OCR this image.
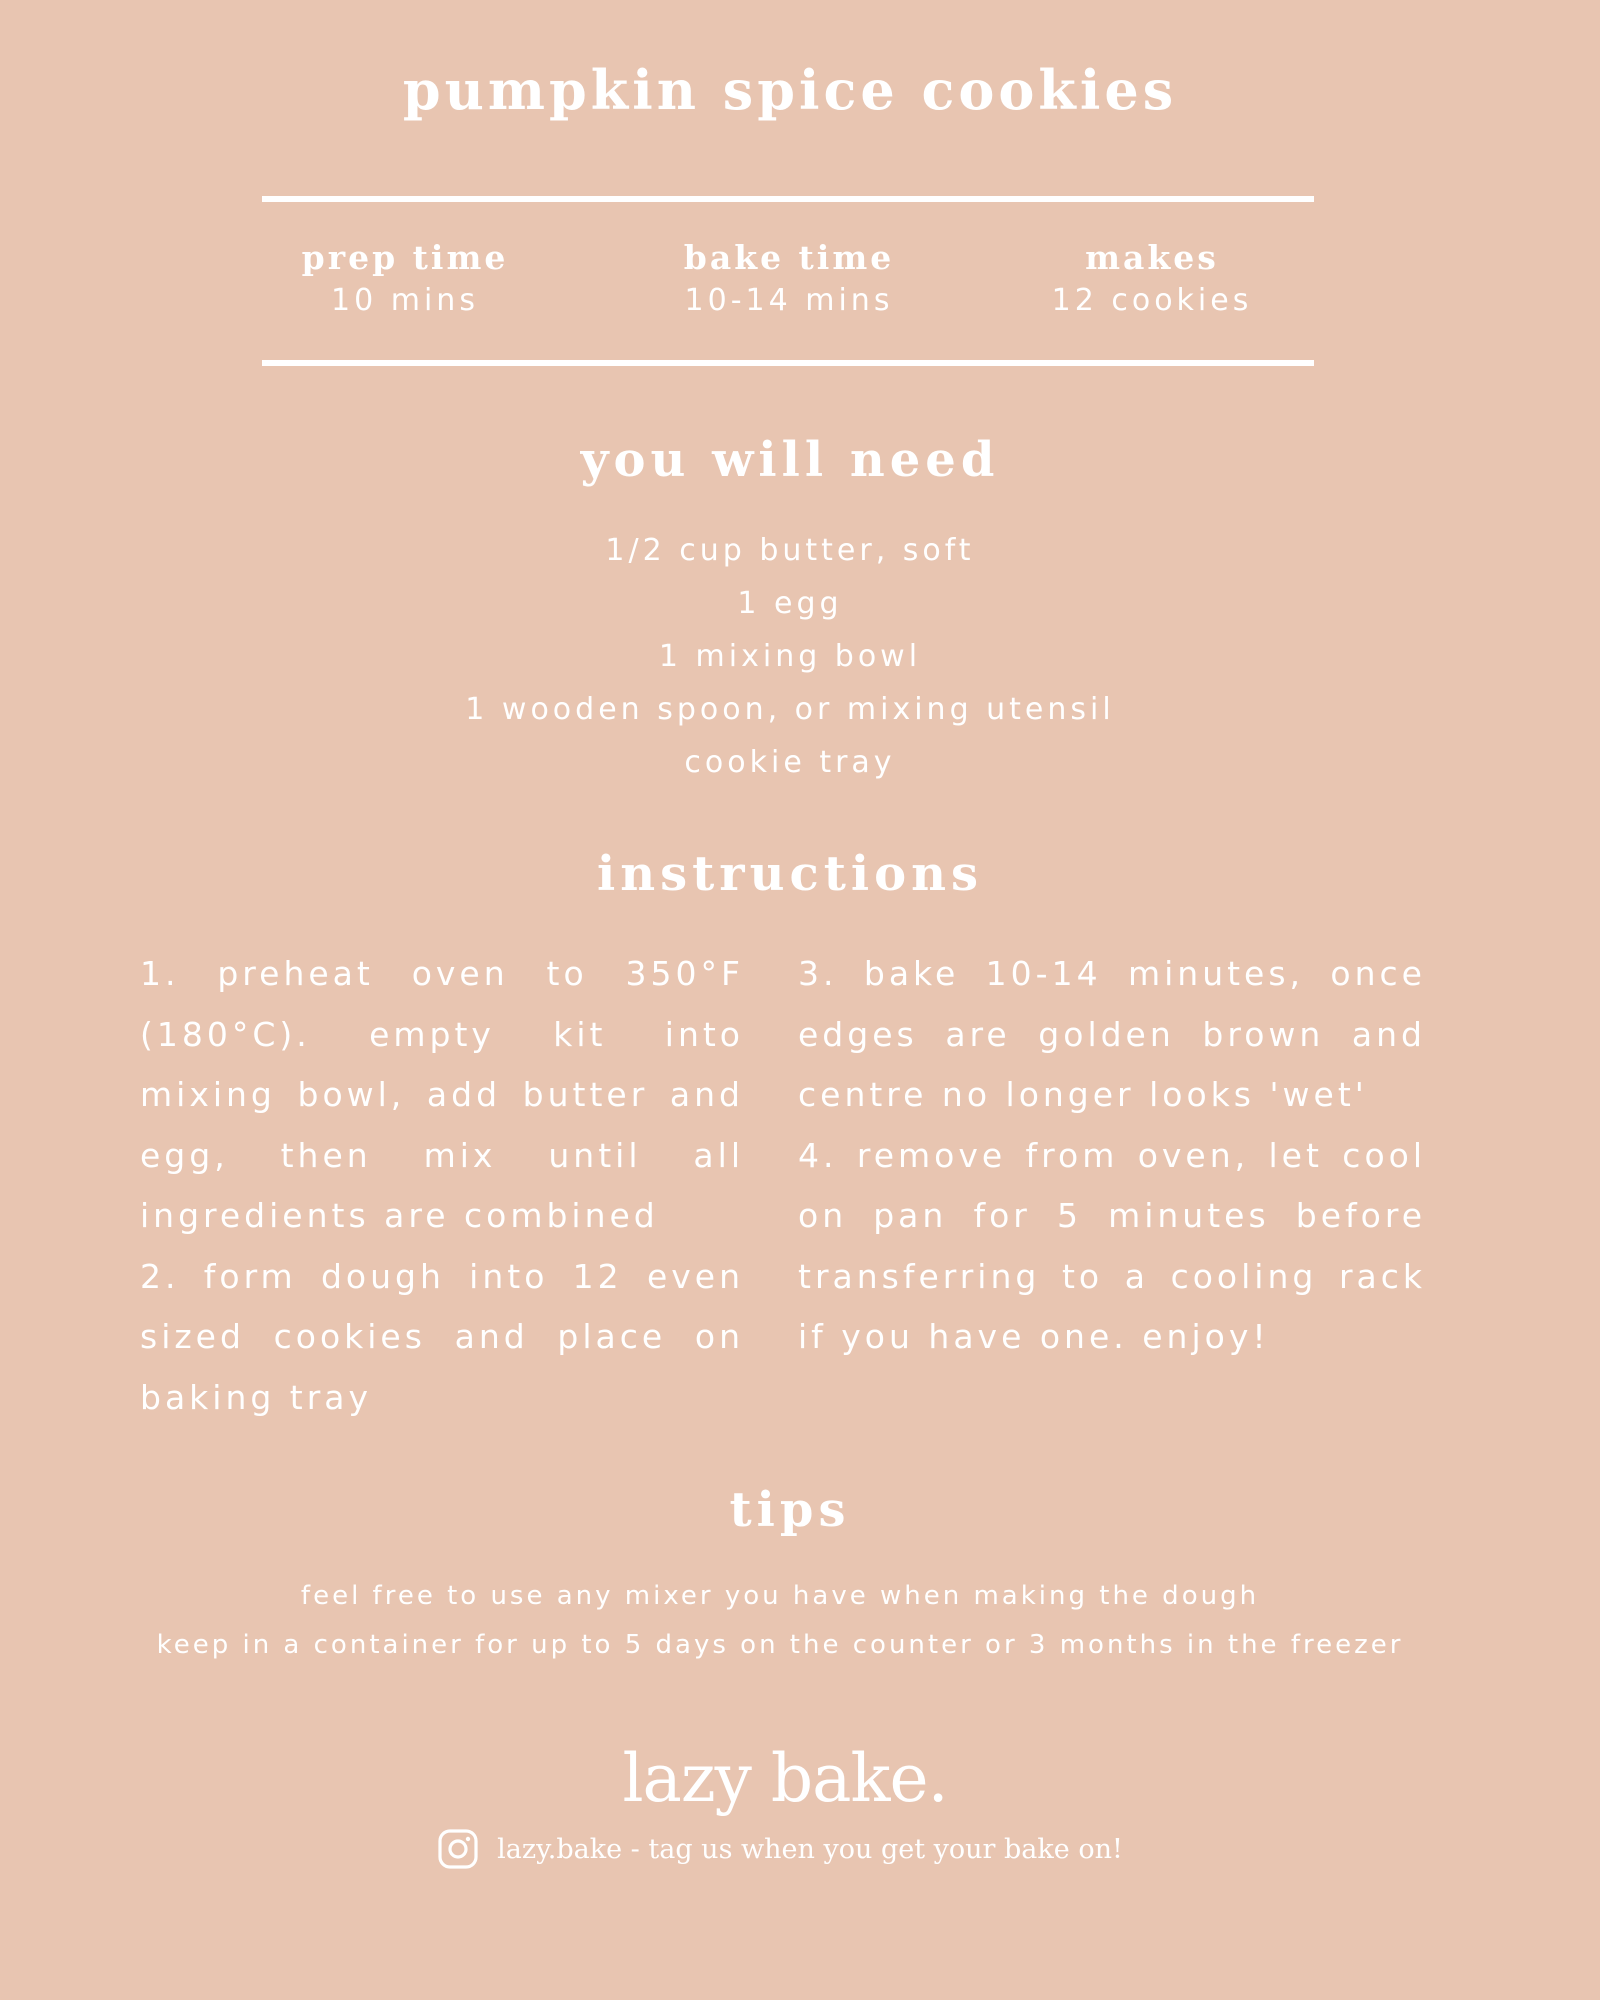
pumpkin spice cookies
prep time
10 mins
bake time
10-14 mins
makes
12 cookies
you will need
1/2 cup butter, soft
1 egg
1 mixing bowl
1 wooden spoon, or mixing utensil
cookie tray
instructions

1. preheat oven to 350°F (180°C). empty kit into mixing bowl, add butter and egg, then mix until all ingredients are combined

2. form dough into 12 even sized cookies and place on baking tray

3. bake 10-14 minutes, once edges are golden brown and centre no longer looks 'wet'

4. remove from oven, let cool on pan for 5 minutes before transferring to a cooling rack if you have one. enjoy!

tips
feel free to use any mixer you have when making the dough
keep in a container for up to 5 days on the counter or 3 months in the freezer
lazy bake.
lazy.bake - tag us when you get your bake on!
